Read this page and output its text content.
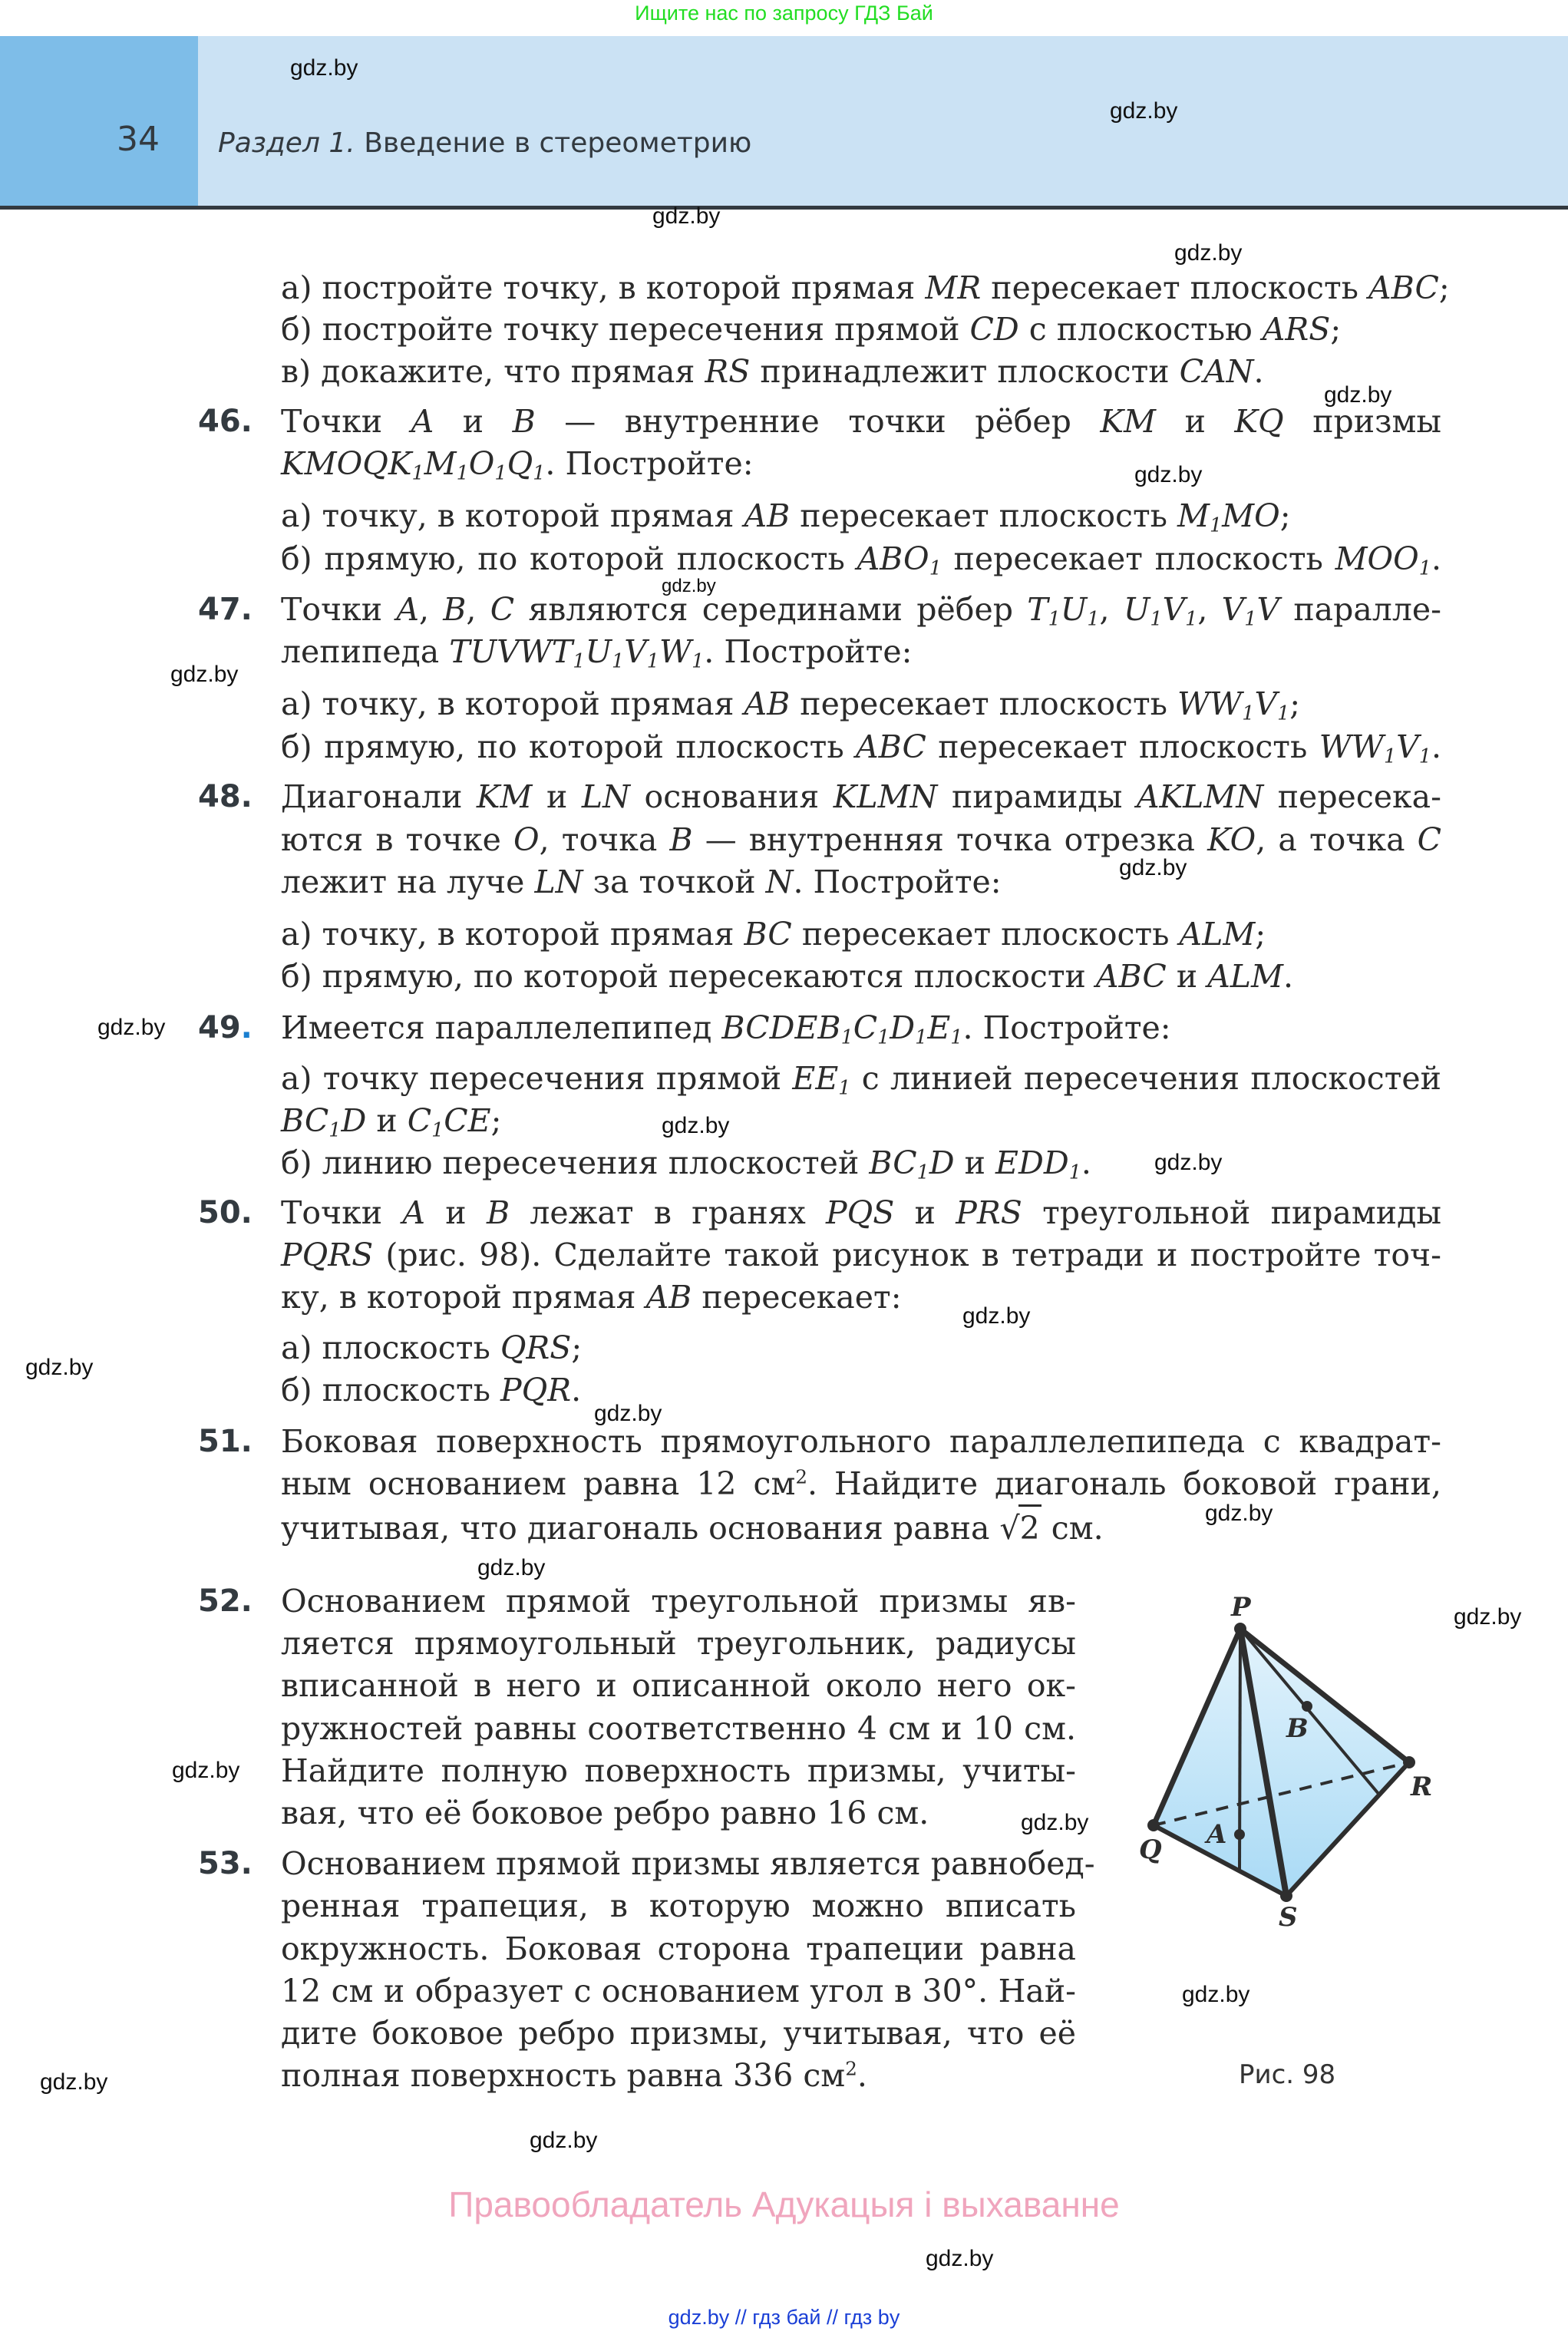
Ищите нас по запросу ГДЗ Бай
34 Раздел 1. Введение в стереометрию
а) постройте точку, в которой прямая MR пересекает плоскость ABC;
б) постройте точку пересечения прямой CD с плоскостью ARS;
в) докажите, что прямая RS принадлежит плоскости CAN.
46. Точки A и B — внутренние точки рёбер KM и KQ призмы
$KMOQK_1M_1O_1Q_1$. Постройте:
а) точку, в которой прямая AB пересекает плоскость $M_1MO$;
б) прямую, по которой плоскость $ABO_1$ пересекает плоскость $MOO_1$.
47. Точки A, B, C являются серединами рёбер $T_1U_1$, $U_1V_1$, $V_1V$ паралле-
лепипеда $TUVWT_1U_1V_1W_1$. Постройте:
а) точку, в которой прямая AB пересекает плоскость $WW_1V_1$;
б) прямую, по которой плоскость ABC пересекает плоскость $WW_1V_1$.
48. Диагонали KM и LN основания KLMN пирамиды AKLMN пересека-
ются в точке O, точка B — внутренняя точка отрезка KO, а точка C
лежит на луче LN за точкой N. Постройте:
а) точку, в которой прямая BC пересекает плоскость ALM;
б) прямую, по которой пересекаются плоскости ABC и ALM.
49. Имеется параллелепипед $BCDEB_1C_1D_1E_1$. Постройте:
а) точку пересечения прямой $EE_1$ с линией пересечения плоскостей
$BC_1D$ и $C_1CE$;
б) линию пересечения плоскостей $BC_1D$ и $EDD_1$.
50. Точки A и B лежат в гранях PQS и PRS треугольной пирамиды
PQRS (рис. 98). Сделайте такой рисунок в тетради и постройте точ-
ку, в которой прямая AB пересекает:
а) плоскость QRS;
б) плоскость PQR.
51. Боковая поверхность прямоугольного параллелепипеда с квадрат-
ным основанием равна 12 $см^2$. Найдите диагональ боковой грани,
учитывая, что диагональ основания равна √2 см.
52. Основанием прямой треугольной призмы яв-
ляется прямоугольный треугольник, радиусы
вписанной в него и описанной около него ок-
ружностей равны соответственно 4 см и 10 см.
Найдите полную поверхность призмы, учиты-
вая, что её боковое ребро равно 16 см.
53. Основанием прямой призмы является равнобед-
ренная трапеция, в которую можно вписать
окружность. Боковая сторона трапеции равна
12 см и образует с основанием угол в 30°. Най-
дите боковое ребро призмы, учитывая, что её
полная поверхность равна 336 $см^2$.
P
Q
R
S
A
B
Рис. 98
gdz.by
gdz.by
gdz.by
gdz.by
gdz.by
gdz.by
gdz.by
gdz.by
gdz.by
gdz.by
gdz.by
gdz.by
gdz.by
gdz.by
gdz.by
gdz.by
gdz.by
gdz.by
gdz.by
gdz.by
gdz.by
gdz.by
gdz.by
gdz.by
Правообладатель Адукацыя і выхаванне
gdz.by // гдз бай // гдз by
